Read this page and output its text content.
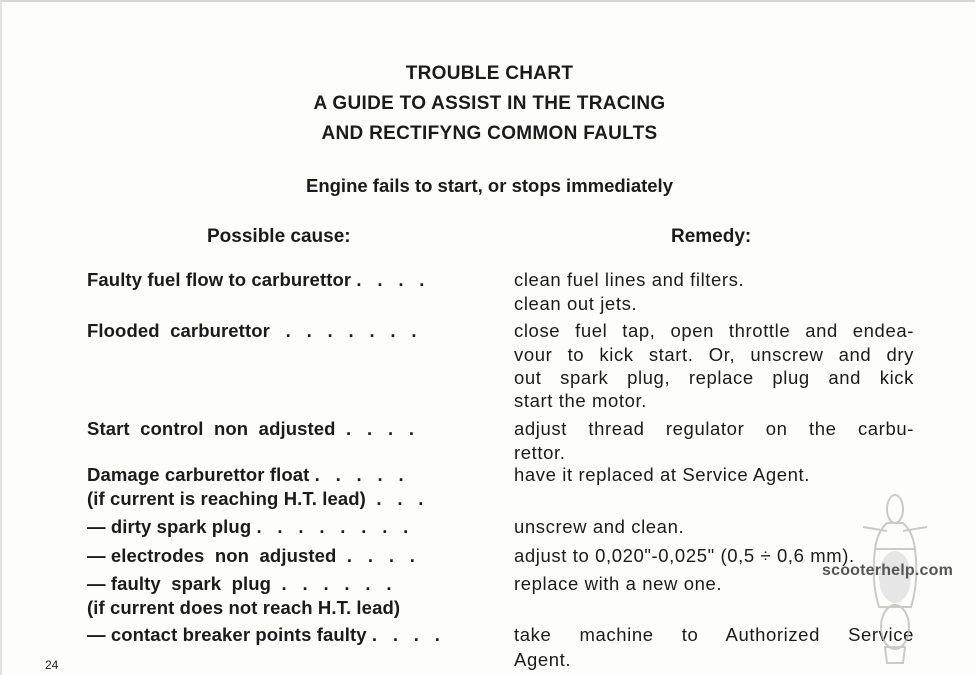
TROUBLE CHART
A GUIDE TO ASSIST IN THE TRACING
AND RECTIFYNG COMMON FAULTS
Engine fails to start, or stops immediately
Possible cause:	Remedy:
Faulty fuel flow to carburettor .   .   .   .
Flooded  carburettor   .   .   .   .   .   .   .
Start  control  non  adjusted  .   .   .   .
Damage carburettor float .   .   .   .   .
(if current is reaching H.T. lead)  .   .   .
— dirty spark plug .   .   .   .   .   .   .   .
— electrodes  non  adjusted  .   .   .   .
— faulty  spark  plug  .   .   .   .   .   .
(if current does not reach H.T. lead)
— contact breaker points faulty .   .   .   .
clean fuel lines and filters.
clean out jets.
close fuel tap, open throttle and endea-
vour to kick start. Or, unscrew and dry
out spark plug, replace plug and kick
start the motor.
adjust thread regulator on the carbu-
rettor.
have it replaced at Service Agent.
unscrew and clean.
adjust to 0,020"-0,025" (0,5 ÷ 0,6 mm).
replace with a new one.
take machine to Authorized Service
Agent.
scooterhelp.com
24
